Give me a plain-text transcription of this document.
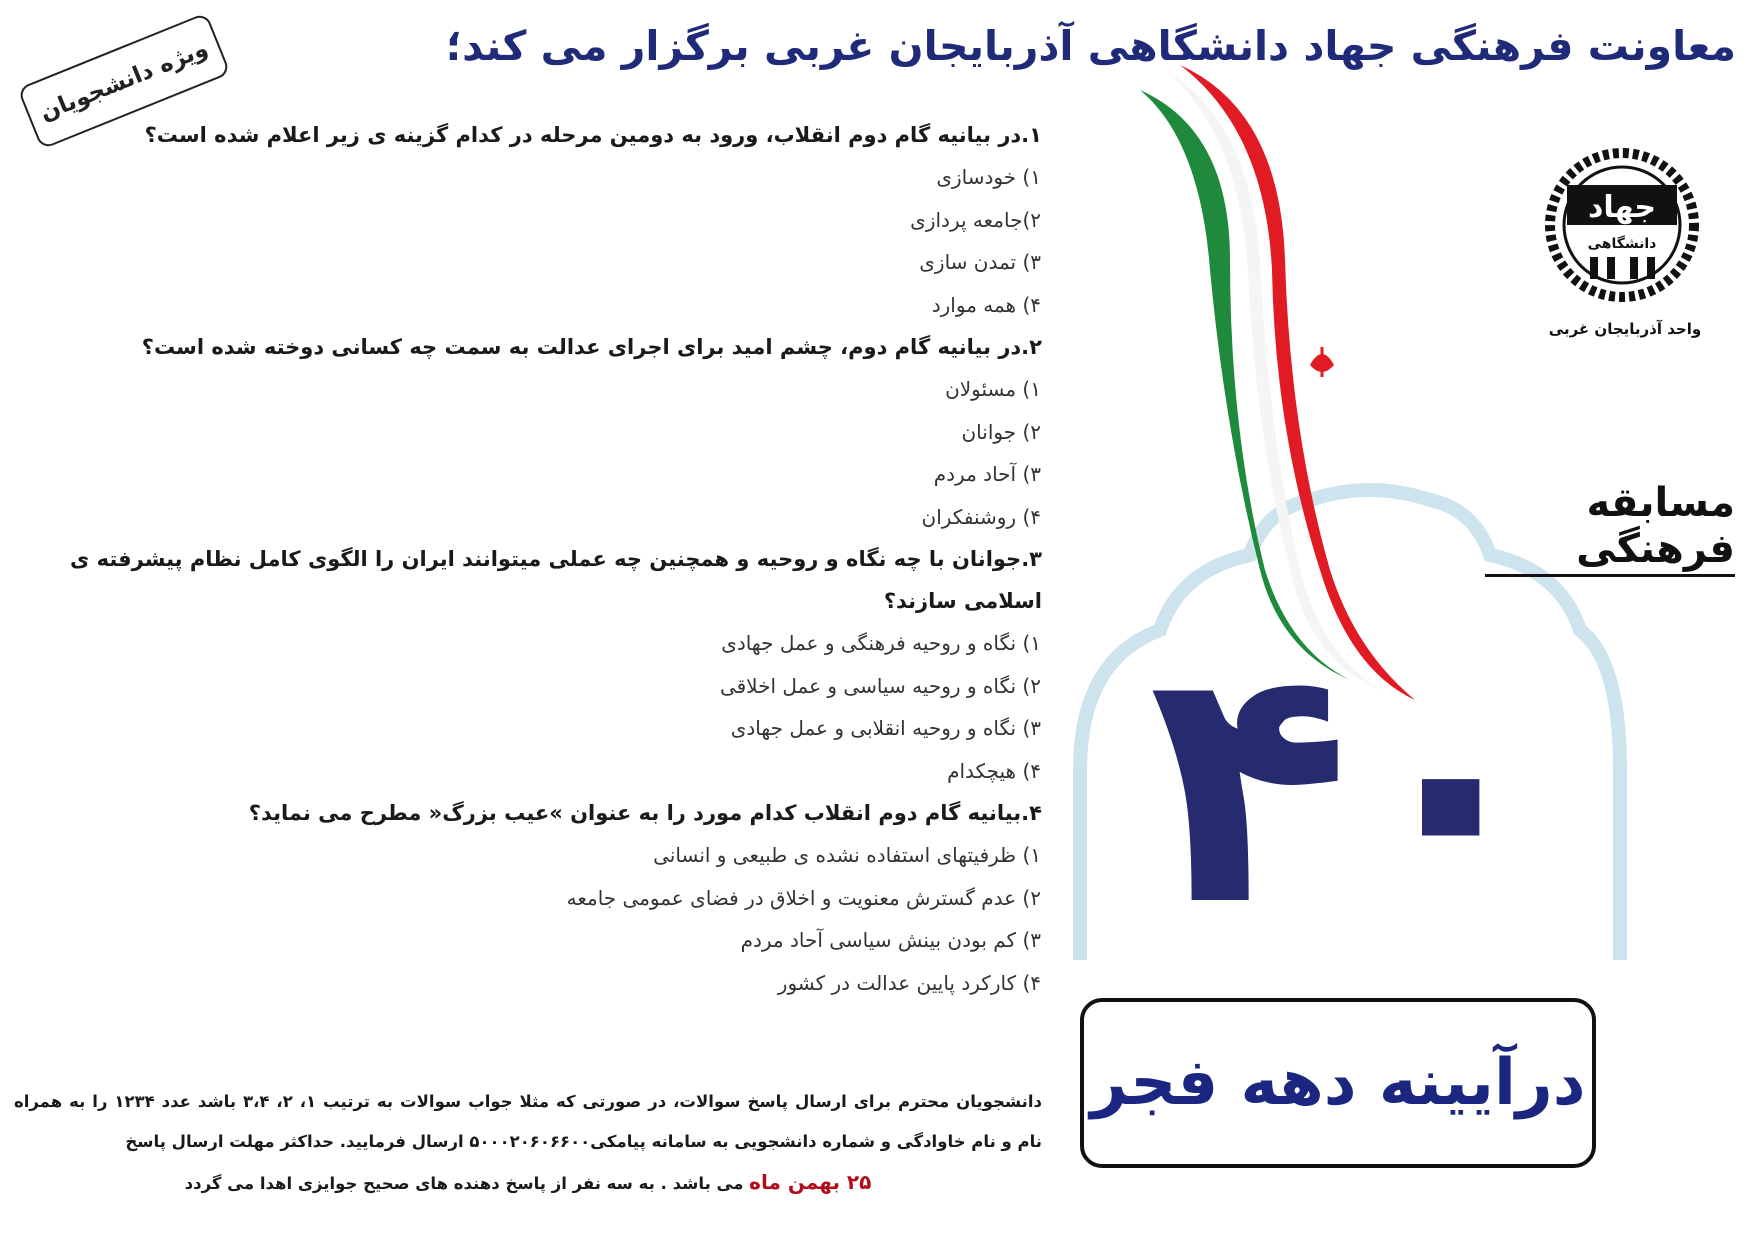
معاونت فرهنگی جهاد دانشگاهی آذربایجان غربی برگزار می کند؛
ویژه دانشجویان

۱.در بیانیه گام دوم انقلاب، ورود به دومین مرحله در کدام گزینه ی زیر اعلام شده است؟

۱) خودسازی

۲)جامعه پردازی

۳) تمدن سازی

۴) همه موارد

۲.در بیانیه گام دوم، چشم امید برای اجرای عدالت به سمت چه کسانی دوخته شده است؟

۱) مسئولان

۲) جوانان

۳) آحاد مردم

۴) روشنفکران

۳.جوانان با چه نگاه و روحیه و همچنین چه عملی میتوانند ایران را الگوی کامل نظام پیشرفته ی اسلامی سازند؟

۱) نگاه و روحیه فرهنگی و عمل جهادی

۲) نگاه و روحیه سیاسی و عمل اخلاقی

۳) نگاه و روحیه انقلابی و عمل جهادی

۴) هیچکدام

۴.بیانیه گام دوم انقلاب کدام مورد را به عنوان »عیب بزرگ« مطرح می نماید؟

۱) ظرفیتهای استفاده نشده ی طبیعی و انسانی

۲) عدم گسترش معنویت و اخلاق در فضای عمومی جامعه

۳) کم بودن بینش سیاسی آحاد مردم

۴) کارکرد پایین عدالت در کشور

دانشجویان محترم برای ارسال پاسخ سوالات، در صورتی که مثلا جواب سوالات به ترتیب ۱، ۲، ۳،۴ باشد عدد ۱۲۳۴ را به همراه نام و نام خاوادگی و شماره دانشجویی به سامانه پیامکی۵۰۰۰۲۰۶۰۶۶۰۰ ارسال فرمایید. حداکثر مهلت ارسال پاسخ
۲۵ بهمن ماه می باشد . به سه نفر از پاسخ دهنده های صحیح جوایزی اهدا می گردد
۴۰
جهاد
دانشگاهی
واحد آذربایجان غربی
مسابقه فرهنگی
درآیینه دهه فجر
